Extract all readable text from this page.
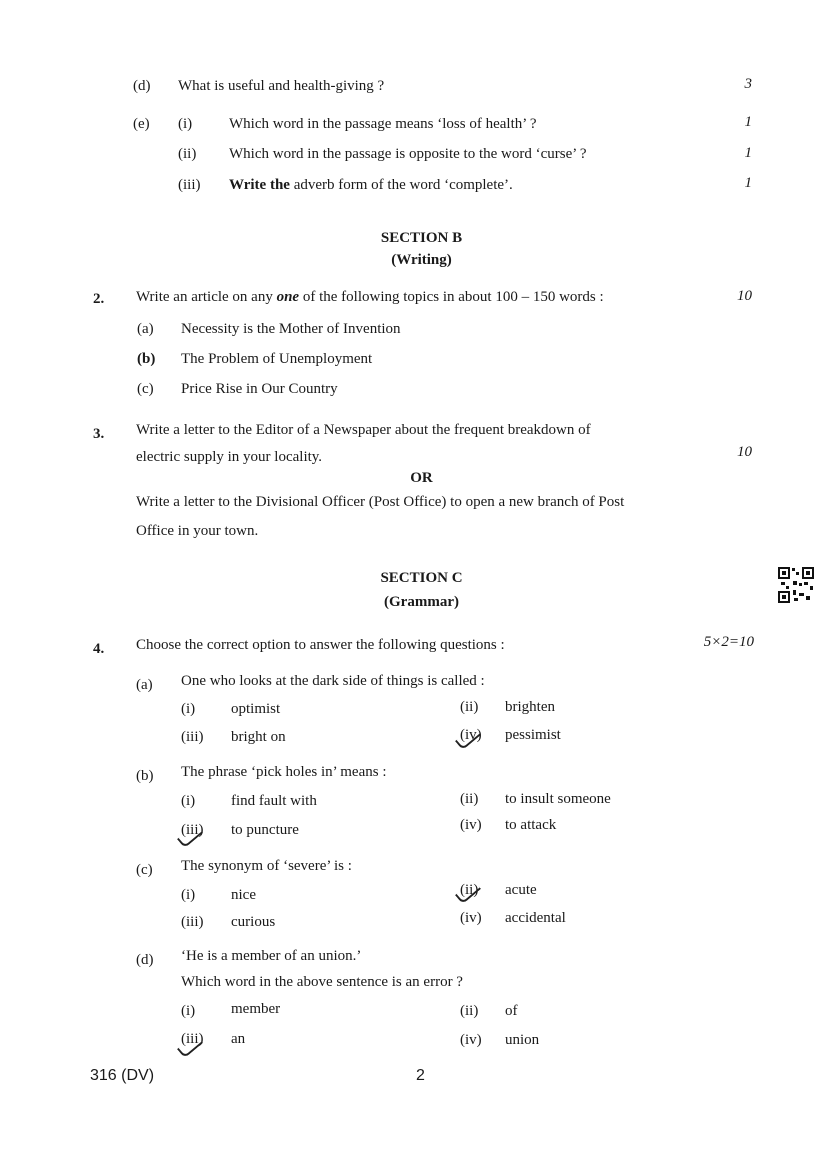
(d) What is useful and health-giving ?	3
(e) (i) Which word in the passage means ‘loss of health’ ?	1
(ii) Which word in the passage is opposite to the word ‘curse’ ?	1
(iii) Write the adverb form of the word ‘complete’.	1
SECTION B
(Writing)
2. Write an article on any one of the following topics in about 100 – 150 words :	10
(a) Necessity is the Mother of Invention
(b) The Problem of Unemployment
(c) Price Rise in Our Country
3. Write a letter to the Editor of a Newspaper about the frequent breakdown of
electric supply in your locality.	10
OR
Write a letter to the Divisional Officer (Post Office) to open a new branch of Post
Office in your town.
SECTION C
(Grammar)
4. Choose the correct option to answer the following questions :	5×2=10
(a) One who looks at the dark side of things is called :
(i) optimist	(ii) brighten
(iii) bright on	(iv) pessimist
(b) The phrase ‘pick holes in’ means :
(i) find fault with	(ii) to insult someone
(iii) to puncture	(iv) to attack
(c) The synonym of ‘severe’ is :
(i) nice	(ii) acute
(iii) curious	(iv) accidental
(d) ‘He is a member of an union.’
Which word in the above sentence is an error ?
(i) member	(ii) of
(iii) an	(iv) union
316 (DV)	2
